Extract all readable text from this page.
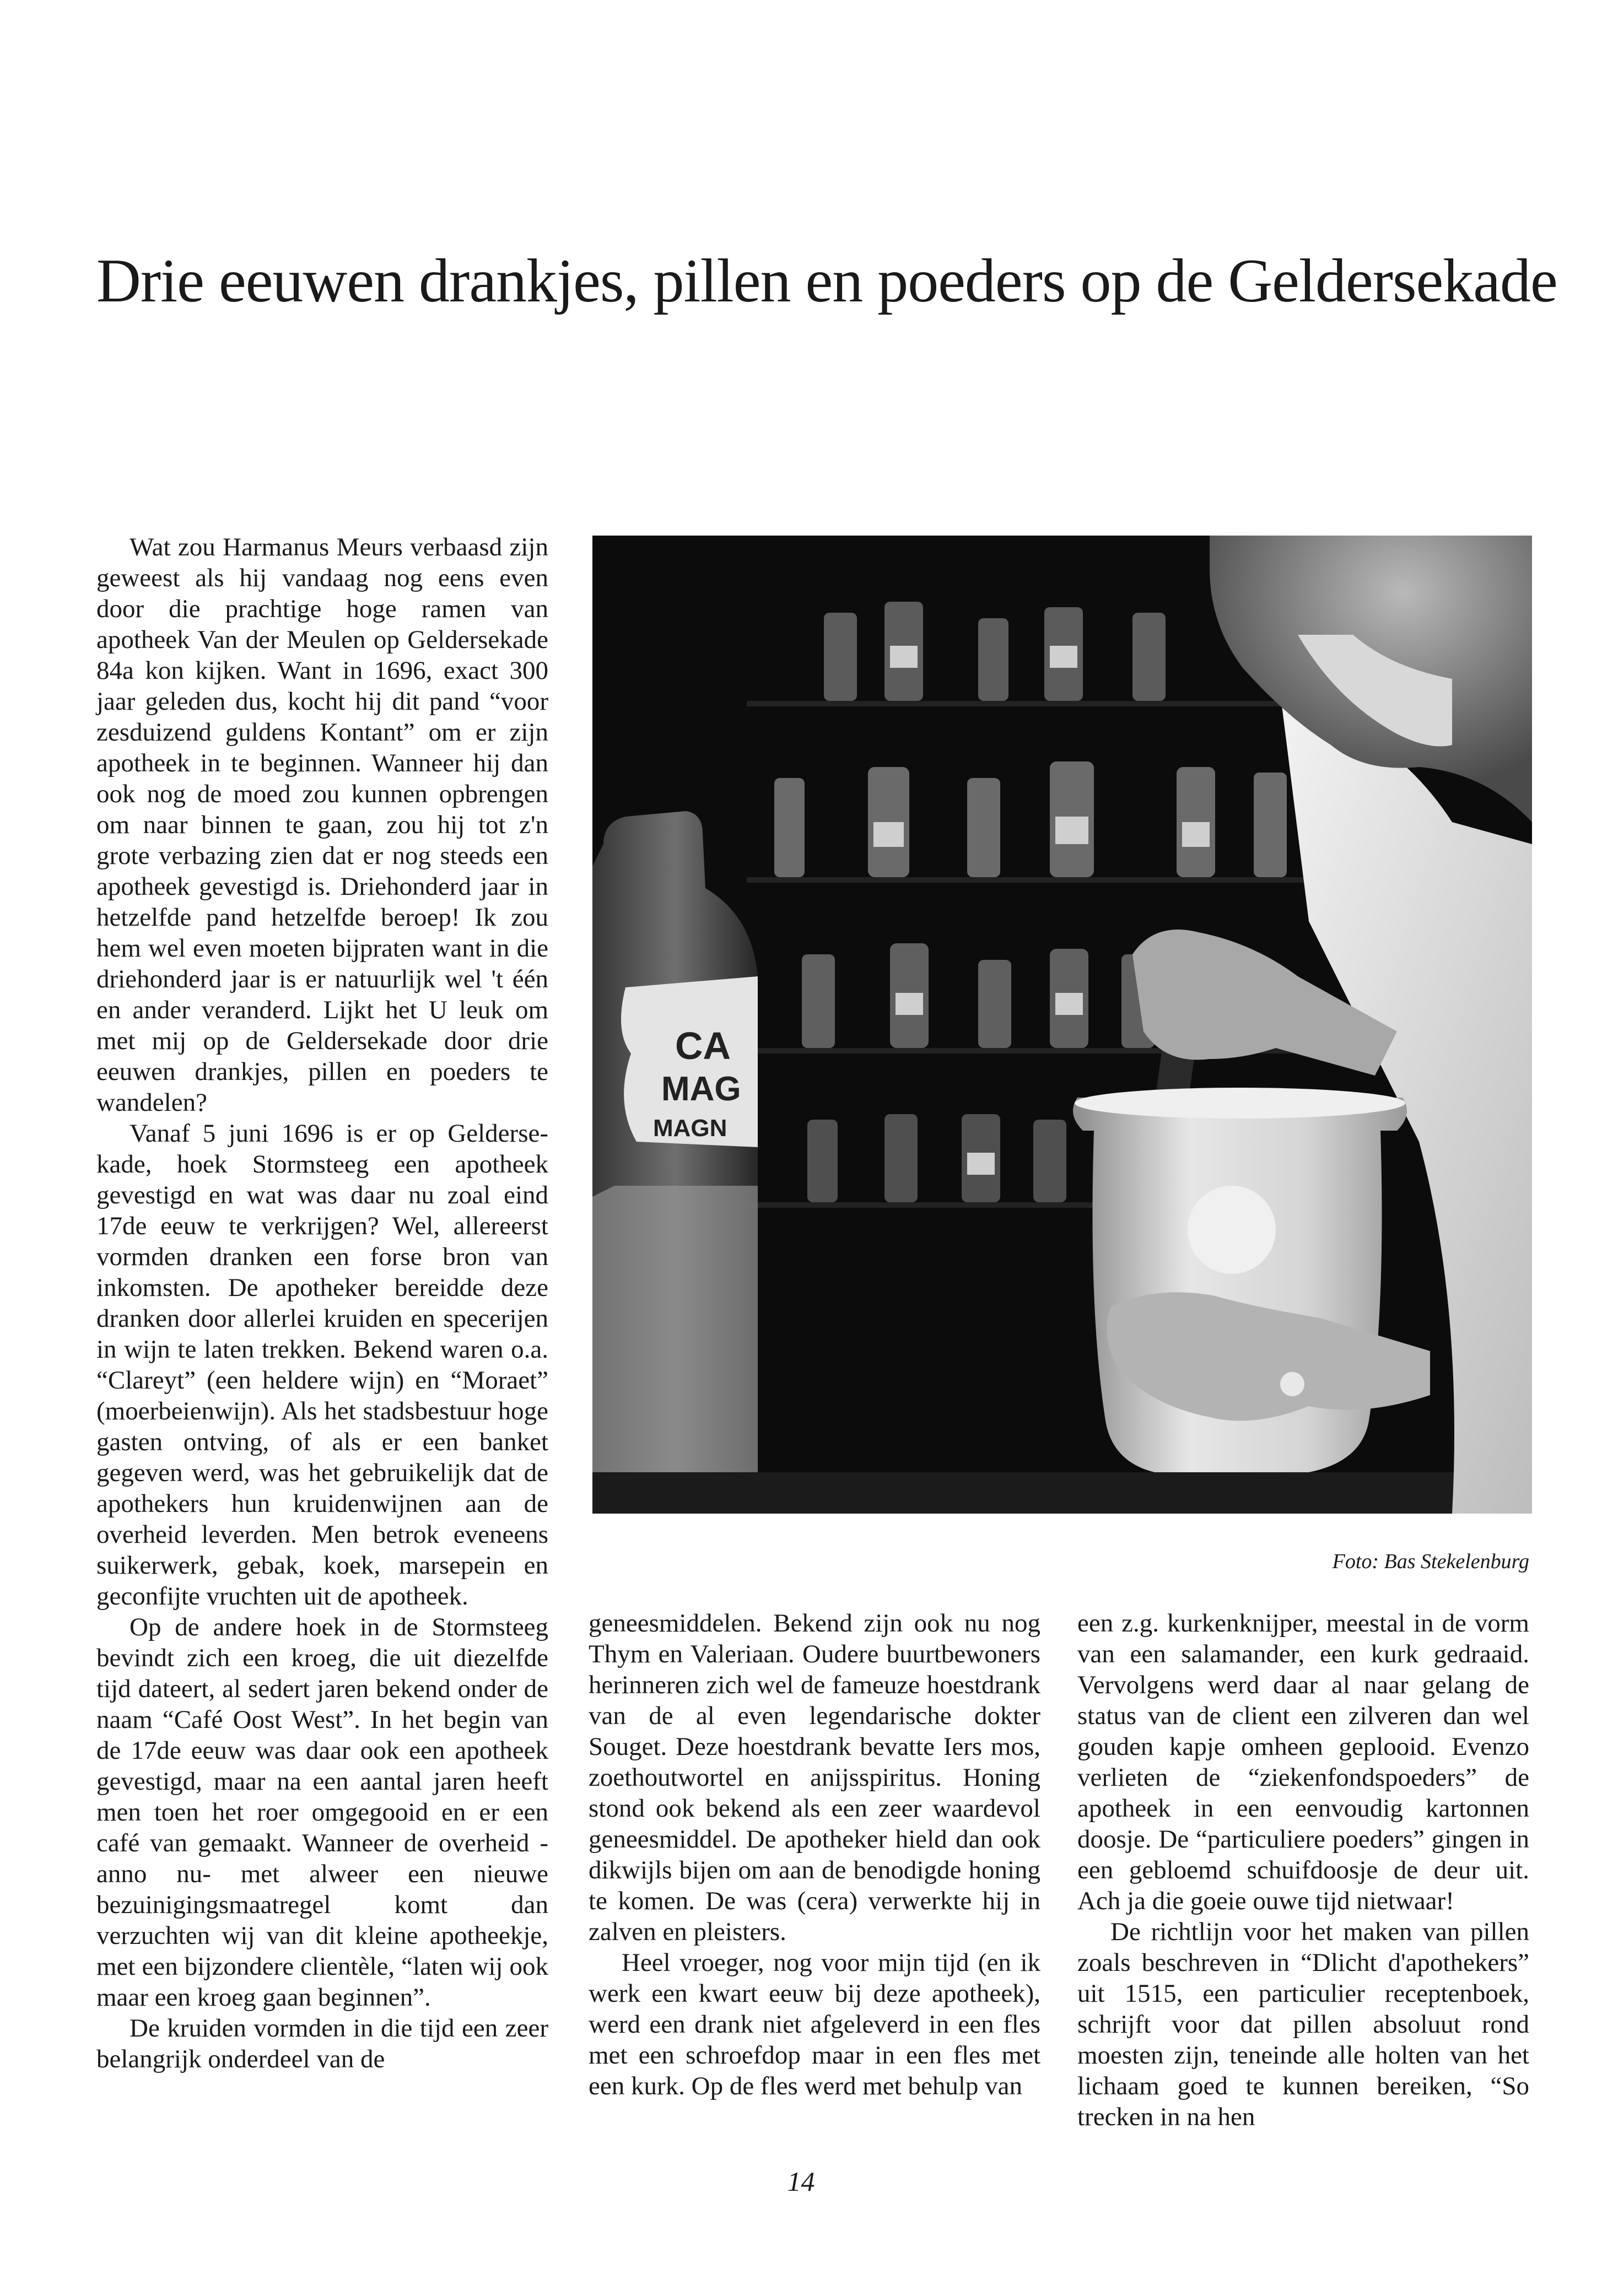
Drie eeuwen drankjes, pillen en poeders op de Geldersekade

Wat zou Harmanus Meurs verbaasd zijn geweest als hij vandaag nog eens even door die prachtige hoge ramen van apotheek Van der Meulen op Geldersekade 84a kon kijken. Want in 1696, exact 300 jaar geleden dus, kocht hij dit pand “voor zesduizend guldens Kontant” om er zijn apotheek in te beginnen. Wanneer hij dan ook nog de moed zou kunnen opbrengen om naar binnen te gaan, zou hij tot z'n grote verbazing zien dat er nog steeds een apotheek gevestigd is. Driehonderd jaar in hetzelfde pand hetzelfde beroep! Ik zou hem wel even moeten bijpraten want in die driehonderd jaar is er natuurlijk wel 't één en ander veranderd. Lijkt het U leuk om met mij op de Geldersekade door drie eeuwen drankjes, pillen en poeders te wandelen?

Vanaf 5 juni 1696 is er op Geldersekade, hoek Stormsteeg een apotheek gevestigd en wat was daar nu zoal eind 17de eeuw te verkrijgen? Wel, allereerst vormden dranken een forse bron van inkomsten. De apotheker bereidde deze dranken door allerlei kruiden en specerijen in wijn te laten trekken. Bekend waren o.a. “Clareyt” (een heldere wijn) en “Moraet” (moerbeienwijn). Als het stadsbestuur hoge gasten ontving, of als er een banket gegeven werd, was het gebruikelijk dat de apothekers hun kruidenwijnen aan de overheid leverden. Men betrok eveneens suikerwerk, gebak, koek, marsepein en geconfijte vruchten uit de apotheek.

Op de andere hoek in de Stormsteeg bevindt zich een kroeg, die uit diezelfde tijd dateert, al sedert jaren bekend onder de naam “Café Oost West”. In het begin van de 17de eeuw was daar ook een apotheek gevestigd, maar na een aantal jaren heeft men toen het roer omgegooid en er een café van gemaakt. Wanneer de overheid -anno nu- met alweer een nieuwe bezuinigingsmaatregel komt dan verzuchten wij van dit kleine apotheekje, met een bijzondere clientèle, “laten wij ook maar een kroeg gaan beginnen”.

De kruiden vormden in die tijd een zeer belangrijk onderdeel van de

CA
MAG
MAGN
Foto: Bas Stekelenburg

geneesmiddelen. Bekend zijn ook nu nog Thym en Valeriaan. Oudere buurtbewoners herinneren zich wel de fameuze hoestdrank van de al even legendarische dokter Souget. Deze hoestdrank bevatte Iers mos, zoethoutwortel en anijsspiritus. Honing stond ook bekend als een zeer waardevol geneesmiddel. De apotheker hield dan ook dikwijls bijen om aan de benodigde honing te komen. De was (cera) verwerkte hij in zalven en pleisters.

Heel vroeger, nog voor mijn tijd (en ik werk een kwart eeuw bij deze apotheek), werd een drank niet afgeleverd in een fles met een schroefdop maar in een fles met een kurk. Op de fles werd met behulp van

een z.g. kurkenknijper, meestal in de vorm van een salamander, een kurk gedraaid. Vervolgens werd daar al naar gelang de status van de client een zilveren dan wel gouden kapje omheen geplooid. Evenzo verlieten de “ziekenfondspoeders” de apotheek in een eenvoudig kartonnen doosje. De “particuliere poeders” gingen in een gebloemd schuifdoosje de deur uit. Ach ja die goeie ouwe tijd nietwaar!

De richtlijn voor het maken van pillen zoals beschreven in “Dlicht d'apothekers” uit 1515, een particulier receptenboek, schrijft voor dat pillen absoluut rond moesten zijn, teneinde alle holten van het lichaam goed te kunnen bereiken, “So trecken in na hen

14
